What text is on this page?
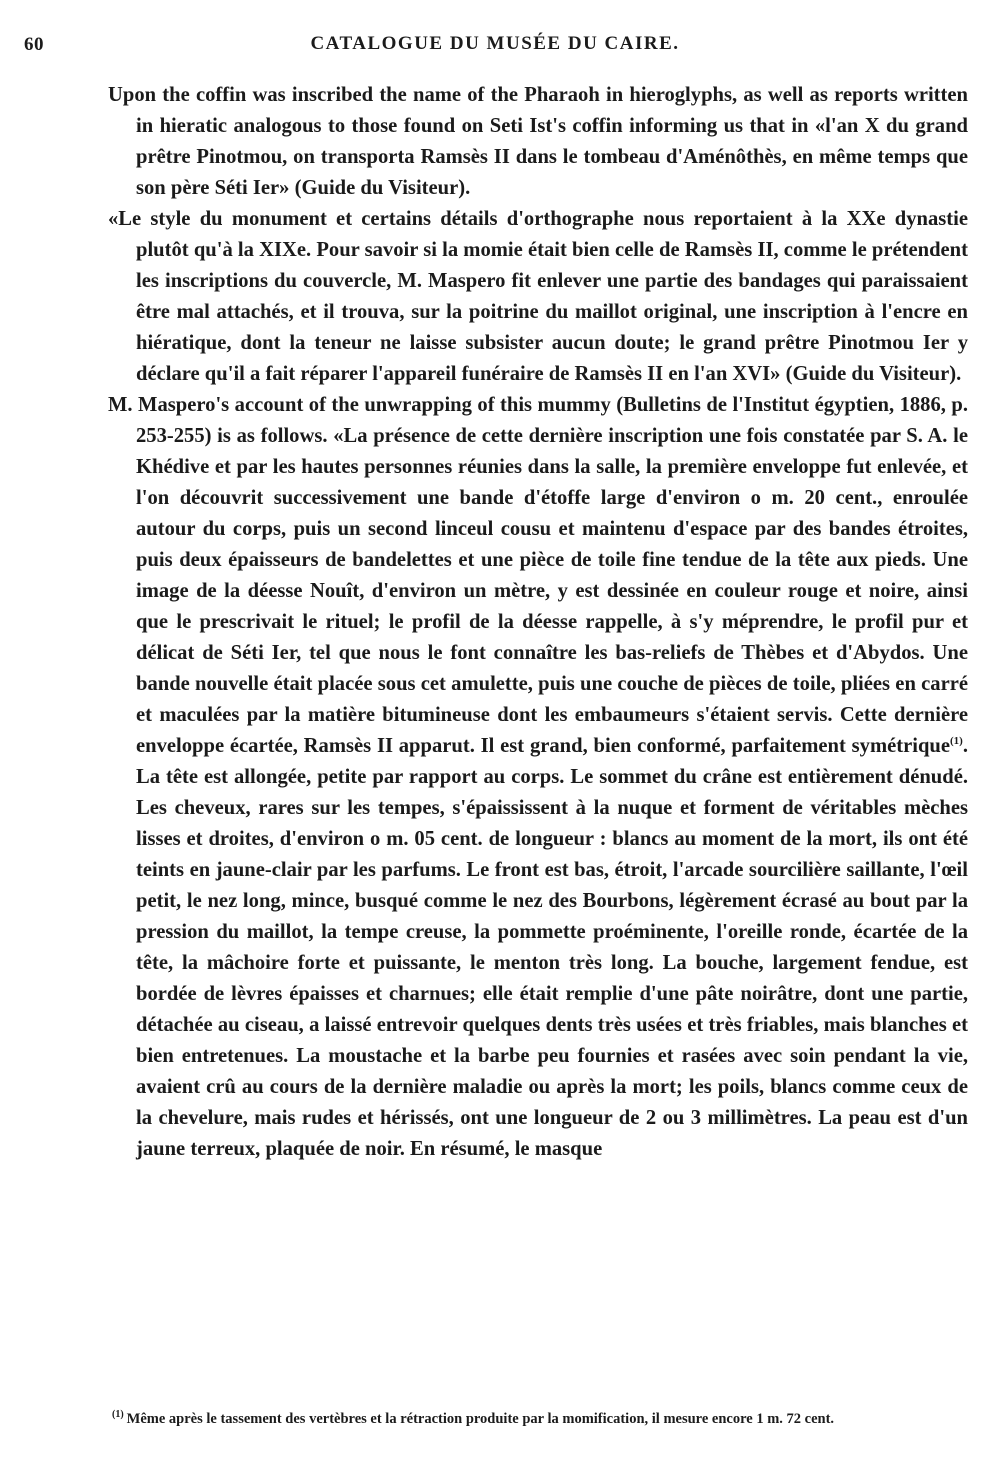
60	CATALOGUE DU MUSÉE DU CAIRE.

Upon the coffin was inscribed the name of the Pharaoh in hieroglyphs, as well as reports written in hieratic analogous to those found on Seti Ist's coffin informing us that in «l'an X du grand prêtre Pinotmou, on transporta Ramsès II dans le tombeau d'Aménôthès, en même temps que son père Séti Ier» (Guide du Visiteur).

«Le style du monument et certains détails d'orthographe nous reportaient à la XXe dynastie plutôt qu'à la XIXe. Pour savoir si la momie était bien celle de Ramsès II, comme le prétendent les inscriptions du couvercle, M. Maspero fit enlever une partie des bandages qui paraissaient être mal attachés, et il trouva, sur la poitrine du maillot original, une inscription à l'encre en hiératique, dont la teneur ne laisse subsister aucun doute; le grand prêtre Pinotmou Ier y déclare qu'il a fait réparer l'appareil funéraire de Ramsès II en l'an XVI» (Guide du Visiteur).

M. Maspero's account of the unwrapping of this mummy (Bulletins de l'Institut égyptien, 1886, p. 253-255) is as follows. «La présence de cette dernière inscription une fois constatée par S. A. le Khédive et par les hautes personnes réunies dans la salle, la première enveloppe fut enlevée, et l'on découvrit successivement une bande d'étoffe large d'environ o m. 20 cent., enroulée autour du corps, puis un second linceul cousu et maintenu d'espace par des bandes étroites, puis deux épaisseurs de bandelettes et une pièce de toile fine tendue de la tête aux pieds. Une image de la déesse Nouît, d'environ un mètre, y est dessinée en couleur rouge et noire, ainsi que le prescrivait le rituel; le profil de la déesse rappelle, à s'y méprendre, le profil pur et délicat de Séti Ier, tel que nous le font connaître les bas-reliefs de Thèbes et d'Abydos. Une bande nouvelle était placée sous cet amulette, puis une couche de pièces de toile, pliées en carré et maculées par la matière bitumineuse dont les embaumeurs s'étaient servis. Cette dernière enveloppe écartée, Ramsès II apparut. Il est grand, bien conformé, parfaitement symétrique$^{(1)}$. La tête est allongée, petite par rapport au corps. Le sommet du crâne est entièrement dénudé. Les cheveux, rares sur les tempes, s'épaississent à la nuque et forment de véritables mèches lisses et droites, d'environ o m. 05 cent. de longueur : blancs au moment de la mort, ils ont été teints en jaune-clair par les parfums. Le front est bas, étroit, l'arcade sourcilière saillante, l'œil petit, le nez long, mince, busqué comme le nez des Bourbons, légèrement écrasé au bout par la pression du maillot, la tempe creuse, la pommette proéminente, l'oreille ronde, écartée de la tête, la mâchoire forte et puissante, le menton très long. La bouche, largement fendue, est bordée de lèvres épaisses et charnues; elle était remplie d'une pâte noirâtre, dont une partie, détachée au ciseau, a laissé entrevoir quelques dents très usées et très friables, mais blanches et bien entretenues. La moustache et la barbe peu fournies et rasées avec soin pendant la vie, avaient crû au cours de la dernière maladie ou après la mort; les poils, blancs comme ceux de la chevelure, mais rudes et hérissés, ont une longueur de 2 ou 3 millimètres. La peau est d'un jaune terreux, plaquée de noir. En résumé, le masque

$^{(1)}$ Même après le tassement des vertèbres et la rétraction produite par la momification, il mesure encore 1 m. 72 cent.
